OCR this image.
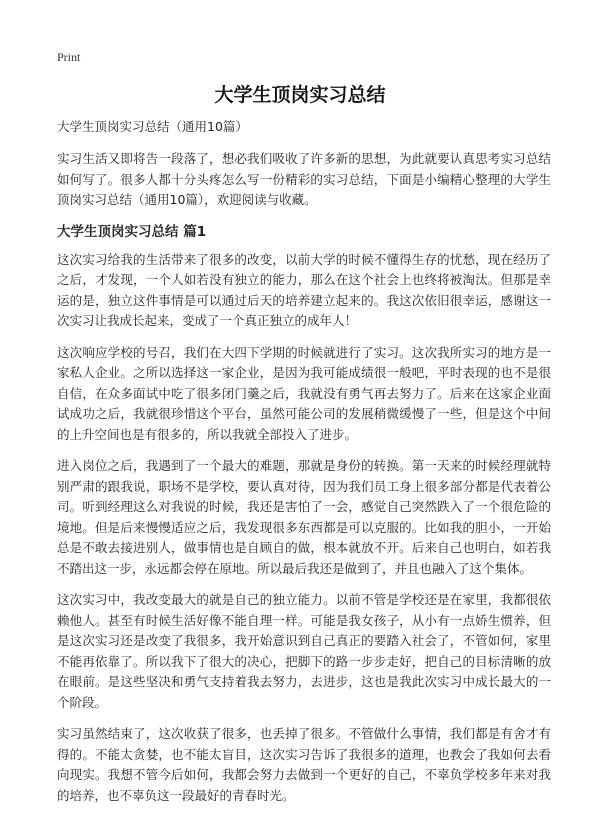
Print
大学生顶岗实习总结

大学生顶岗实习总结（通用10篇）

实习生活又即将告一段落了，想必我们吸收了许多新的思想，为此就要认真思考实习总结如何写了。很多人都十分头疼怎么写一份精彩的实习总结，下面是小编精心整理的大学生顶岗实习总结（通用10篇），欢迎阅读与收藏。

大学生顶岗实习总结 篇1

这次实习给我的生活带来了很多的改变，以前大学的时候不懂得生存的忧愁，现在经历了之后，才发现，一个人如若没有独立的能力，那么在这个社会上也终将被淘汰。但那是幸运的是，独立这件事情是可以通过后天的培养建立起来的。我这次依旧很幸运，感谢这一次实习让我成长起来，变成了一个真正独立的成年人！

这次响应学校的号召，我们在大四下学期的时候就进行了实习。这次我所实习的地方是一家私人企业。之所以选择这一家企业，是因为我可能成绩很一般吧，平时表现的也不是很自信，在众多面试中吃了很多闭门羹之后，我就没有勇气再去努力了。后来在这家企业面试成功之后，我就很珍惜这个平台，虽然可能公司的发展稍微缓慢了一些，但是这个中间的上升空间也是有很多的，所以我就全部投入了进步。

进入岗位之后，我遇到了一个最大的难题，那就是身份的转换。第一天来的时候经理就特别严肃的跟我说，职场不是学校，要认真对待，因为我们员工身上很多部分都是代表着公司。听到经理这么对我说的时候，我还是害怕了一会，感觉自己突然跌入了一个很危险的境地。但是后来慢慢适应之后，我发现很多东西都是可以克服的。比如我的胆小，一开始总是不敢去接进别人，做事情也是自顾自的做，根本就放不开。后来自己也明白，如若我不踏出这一步，永远都会停在原地。所以最后我还是做到了，并且也融入了这个集体。

这次实习中，我改变最大的就是自己的独立能力。以前不管是学校还是在家里，我都很依赖他人。甚至有时候生活好像不能自理一样。可能是我女孩子，从小有一点娇生惯养，但是这次实习还是改变了我很多，我开始意识到自己真正的要踏入社会了，不管如何，家里不能再依靠了。所以我下了很大的决心，把脚下的路一步步走好，把自己的目标清晰的放在眼前。是这些坚决和勇气支持着我去努力，去进步，这也是我此次实习中成长最大的一个阶段。

实习虽然结束了，这次收获了很多，也丢掉了很多。不管做什么事情，我们都是有舍才有得的。不能太贪婪，也不能太盲目，这次实习告诉了我很多的道理，也教会了我如何去看向现实。我想不管今后如何，我都会努力去做到一个更好的自己，不辜负学校多年来对我的培养，也不辜负这一段最好的青春时光。
